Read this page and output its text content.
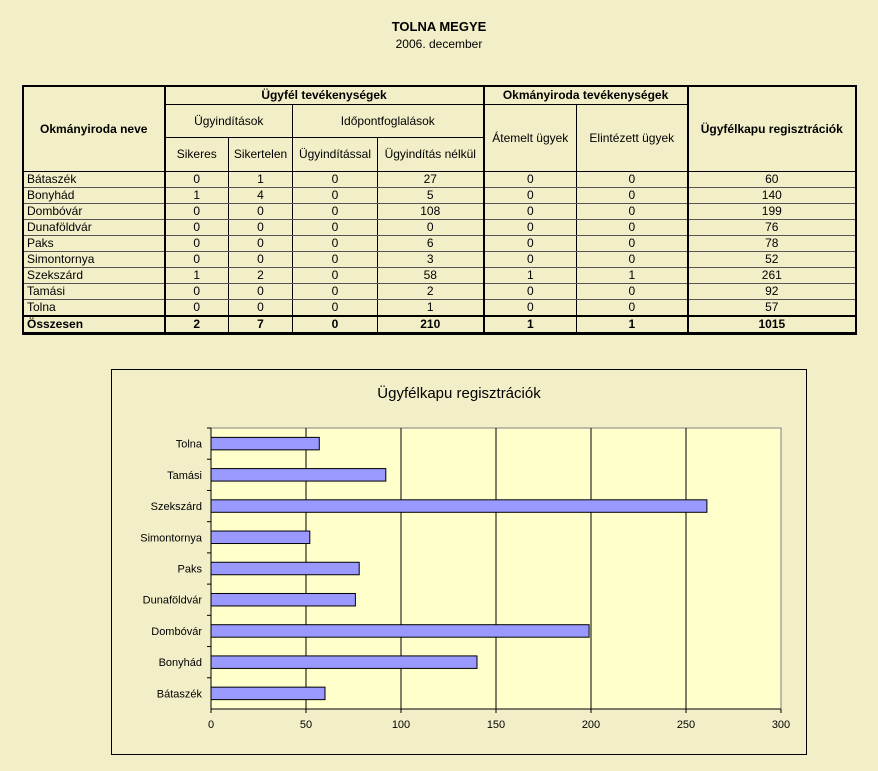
TOLNA MEGYE
2006. december
Okmányiroda neve	Ügyfél tevékenységek				Okmányiroda tevékenységek		Ügyfélkapu regisztrációk
	Ügyindítások		Időpontfoglalások		Átemelt ügyek	Elintézett ügyek	
	Sikeres	Sikertelen	Ügyindítással	Ügyindítás nélkül			
Bátaszék	0	1	0	27	0	0	60
Bonyhád	1	4	0	5	0	0	140
Dombóvár	0	0	0	108	0	0	199
Dunaföldvár	0	0	0	0	0	0	76
Paks	0	0	0	6	0	0	78
Simontornya	0	0	0	3	0	0	52
Szekszárd	1	2	0	58	1	1	261
Tamási	0	0	0	2	0	0	92
Tolna	0	0	0	1	0	0	57
Összesen	2	7	0	210	1	1	1015
Ügyfélkapu regisztrációk
0	50	100	150	200	250	300
Bátaszék
Bonyhád
Dombóvár
Dunaföldvár
Paks
Simontornya
Szekszárd
Tamási
Tolna
